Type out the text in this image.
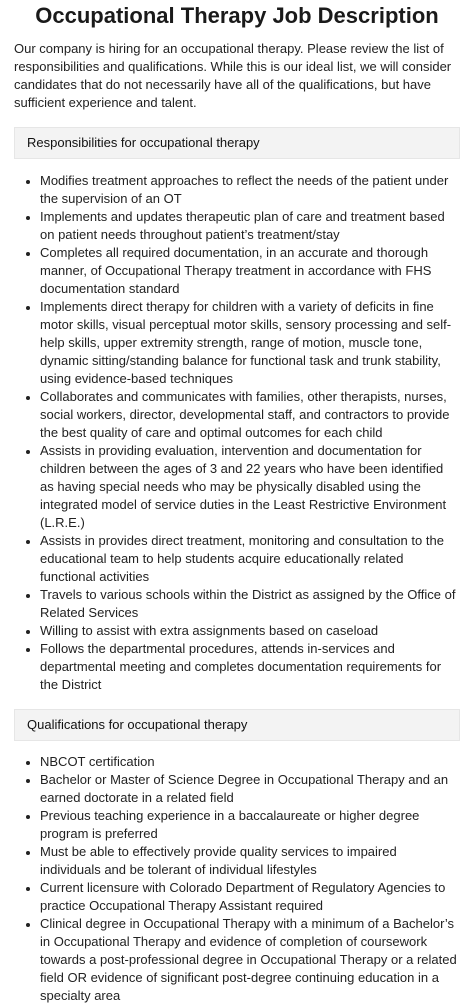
Occupational Therapy Job Description

Our company is hiring for an occupational therapy. Please review the list of responsibilities and qualifications. While this is our ideal list, we will consider candidates that do not necessarily have all of the qualifications, but have sufficient experience and talent.

Responsibilities for occupational therapy
• Modifies treatment approaches to reflect the needs of the patient under the supervision of an OT
• Implements and updates therapeutic plan of care and treatment based on patient needs throughout patient’s treatment/stay
• Completes all required documentation, in an accurate and thorough manner, of Occupational Therapy treatment in accordance with FHS documentation standard
• Implements direct therapy for children with a variety of deficits in fine motor skills, visual perceptual motor skills, sensory processing and self-help skills, upper extremity strength, range of motion, muscle tone, dynamic sitting/standing balance for functional task and trunk stability, using evidence-based techniques
• Collaborates and communicates with families, other therapists, nurses, social workers, director, developmental staff, and contractors to provide the best quality of care and optimal outcomes for each child
• Assists in providing evaluation, intervention and documentation for children between the ages of 3 and 22 years who have been identified as having special needs who may be physically disabled using the integrated model of service duties in the Least Restrictive Environment (L.R.E.)
• Assists in provides direct treatment, monitoring and consultation to the educational team to help students acquire educationally related functional activities
• Travels to various schools within the District as assigned by the Office of Related Services
• Willing to assist with extra assignments based on caseload
• Follows the departmental procedures, attends in-services and departmental meeting and completes documentation requirements for the District
Qualifications for occupational therapy
• NBCOT certification
• Bachelor or Master of Science Degree in Occupational Therapy and an earned doctorate in a related field
• Previous teaching experience in a baccalaureate or higher degree program is preferred
• Must be able to effectively provide quality services to impaired individuals and be tolerant of individual lifestyles
• Current licensure with Colorado Department of Regulatory Agencies to practice Occupational Therapy Assistant required
• Clinical degree in Occupational Therapy with a minimum of a Bachelor’s in Occupational Therapy and evidence of completion of coursework towards a post-professional degree in Occupational Therapy or a related field OR evidence of significant post-degree continuing education in a specialty area
